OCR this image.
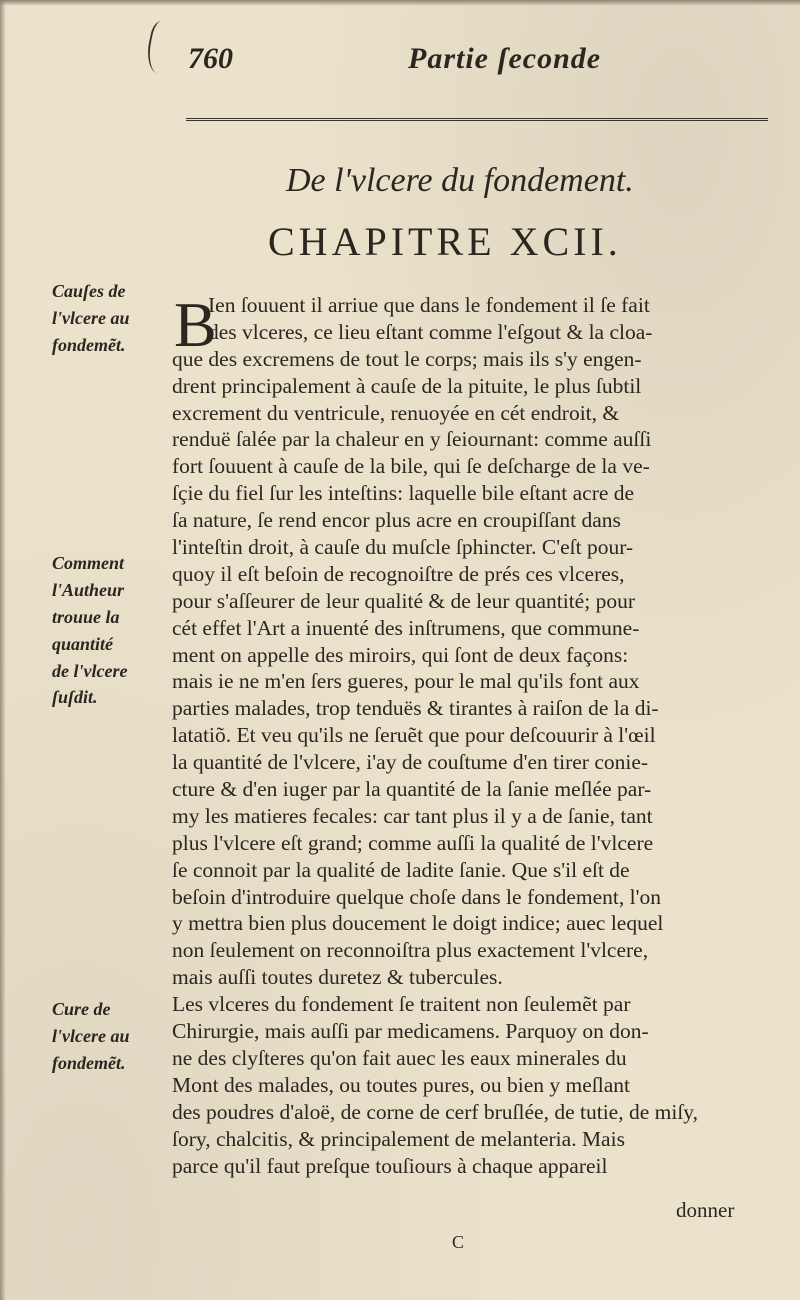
760	Partie ſeconde
De l'vlcere du fondement.
CHAPITRE XCII.
B
Cauſes de
l'vlcere au
fondemẽt.
Comment
l'Autheur
trouue la
quantité
de l'vlcere
ſuſdit.
Cure de
l'vlcere au
fondemẽt.
Ien ſouuent il arriue que dans le fondement il ſe fait
des vlceres, ce lieu eſtant comme l'eſgout & la cloa-
que des excremens de tout le corps; mais ils s'y engen-
drent principalement à cauſe de la pituite, le plus ſubtil
excrement du ventricule, renuoyée en cét endroit, &
renduë ſalée par la chaleur en y ſeiournant: comme auſſi
fort ſouuent à cauſe de la bile, qui ſe deſcharge de la ve-
ſçie du fiel ſur les inteſtins: laquelle bile eſtant acre de
ſa nature, ſe rend encor plus acre en croupiſſant dans
l'inteſtin droit, à cauſe du muſcle ſphincter. C'eſt pour-
quoy il eſt beſoin de recognoiſtre de prés ces vlceres,
pour s'aſſeurer de leur qualité & de leur quantité; pour
cét effet l'Art a inuenté des inſtrumens, que commune-
ment on appelle des miroirs, qui ſont de deux façons:
mais ie ne m'en ſers gueres, pour le mal qu'ils font aux
parties malades, trop tenduës & tirantes à raiſon de la di-
latatiõ. Et veu qu'ils ne ſeruẽt que pour deſcouurir à l'œil
la quantité de l'vlcere, i'ay de couſtume d'en tirer conie-
cture & d'en iuger par la quantité de la ſanie meſlée par-
my les matieres fecales: car tant plus il y a de ſanie, tant
plus l'vlcere eſt grand; comme auſſi la qualité de l'vlcere
ſe connoit par la qualité de ladite ſanie. Que s'il eſt de
beſoin d'introduire quelque choſe dans le fondement, l'on
y mettra bien plus doucement le doigt indice; auec lequel
non ſeulement on reconnoiſtra plus exactement l'vlcere,
mais auſſi toutes duretez & tubercules.
Les vlceres du fondement ſe traitent non ſeulemẽt par
Chirurgie, mais auſſi par medicamens. Parquoy on don-
ne des clyſteres qu'on fait auec les eaux minerales du
Mont des malades, ou toutes pures, ou bien y meſlant
des poudres d'aloë, de corne de cerf bruſlée, de tutie, de miſy,
ſory, chalcitis, & principalement de melanteria. Mais
parce qu'il faut preſque touſiours à chaque appareil
donner
C
